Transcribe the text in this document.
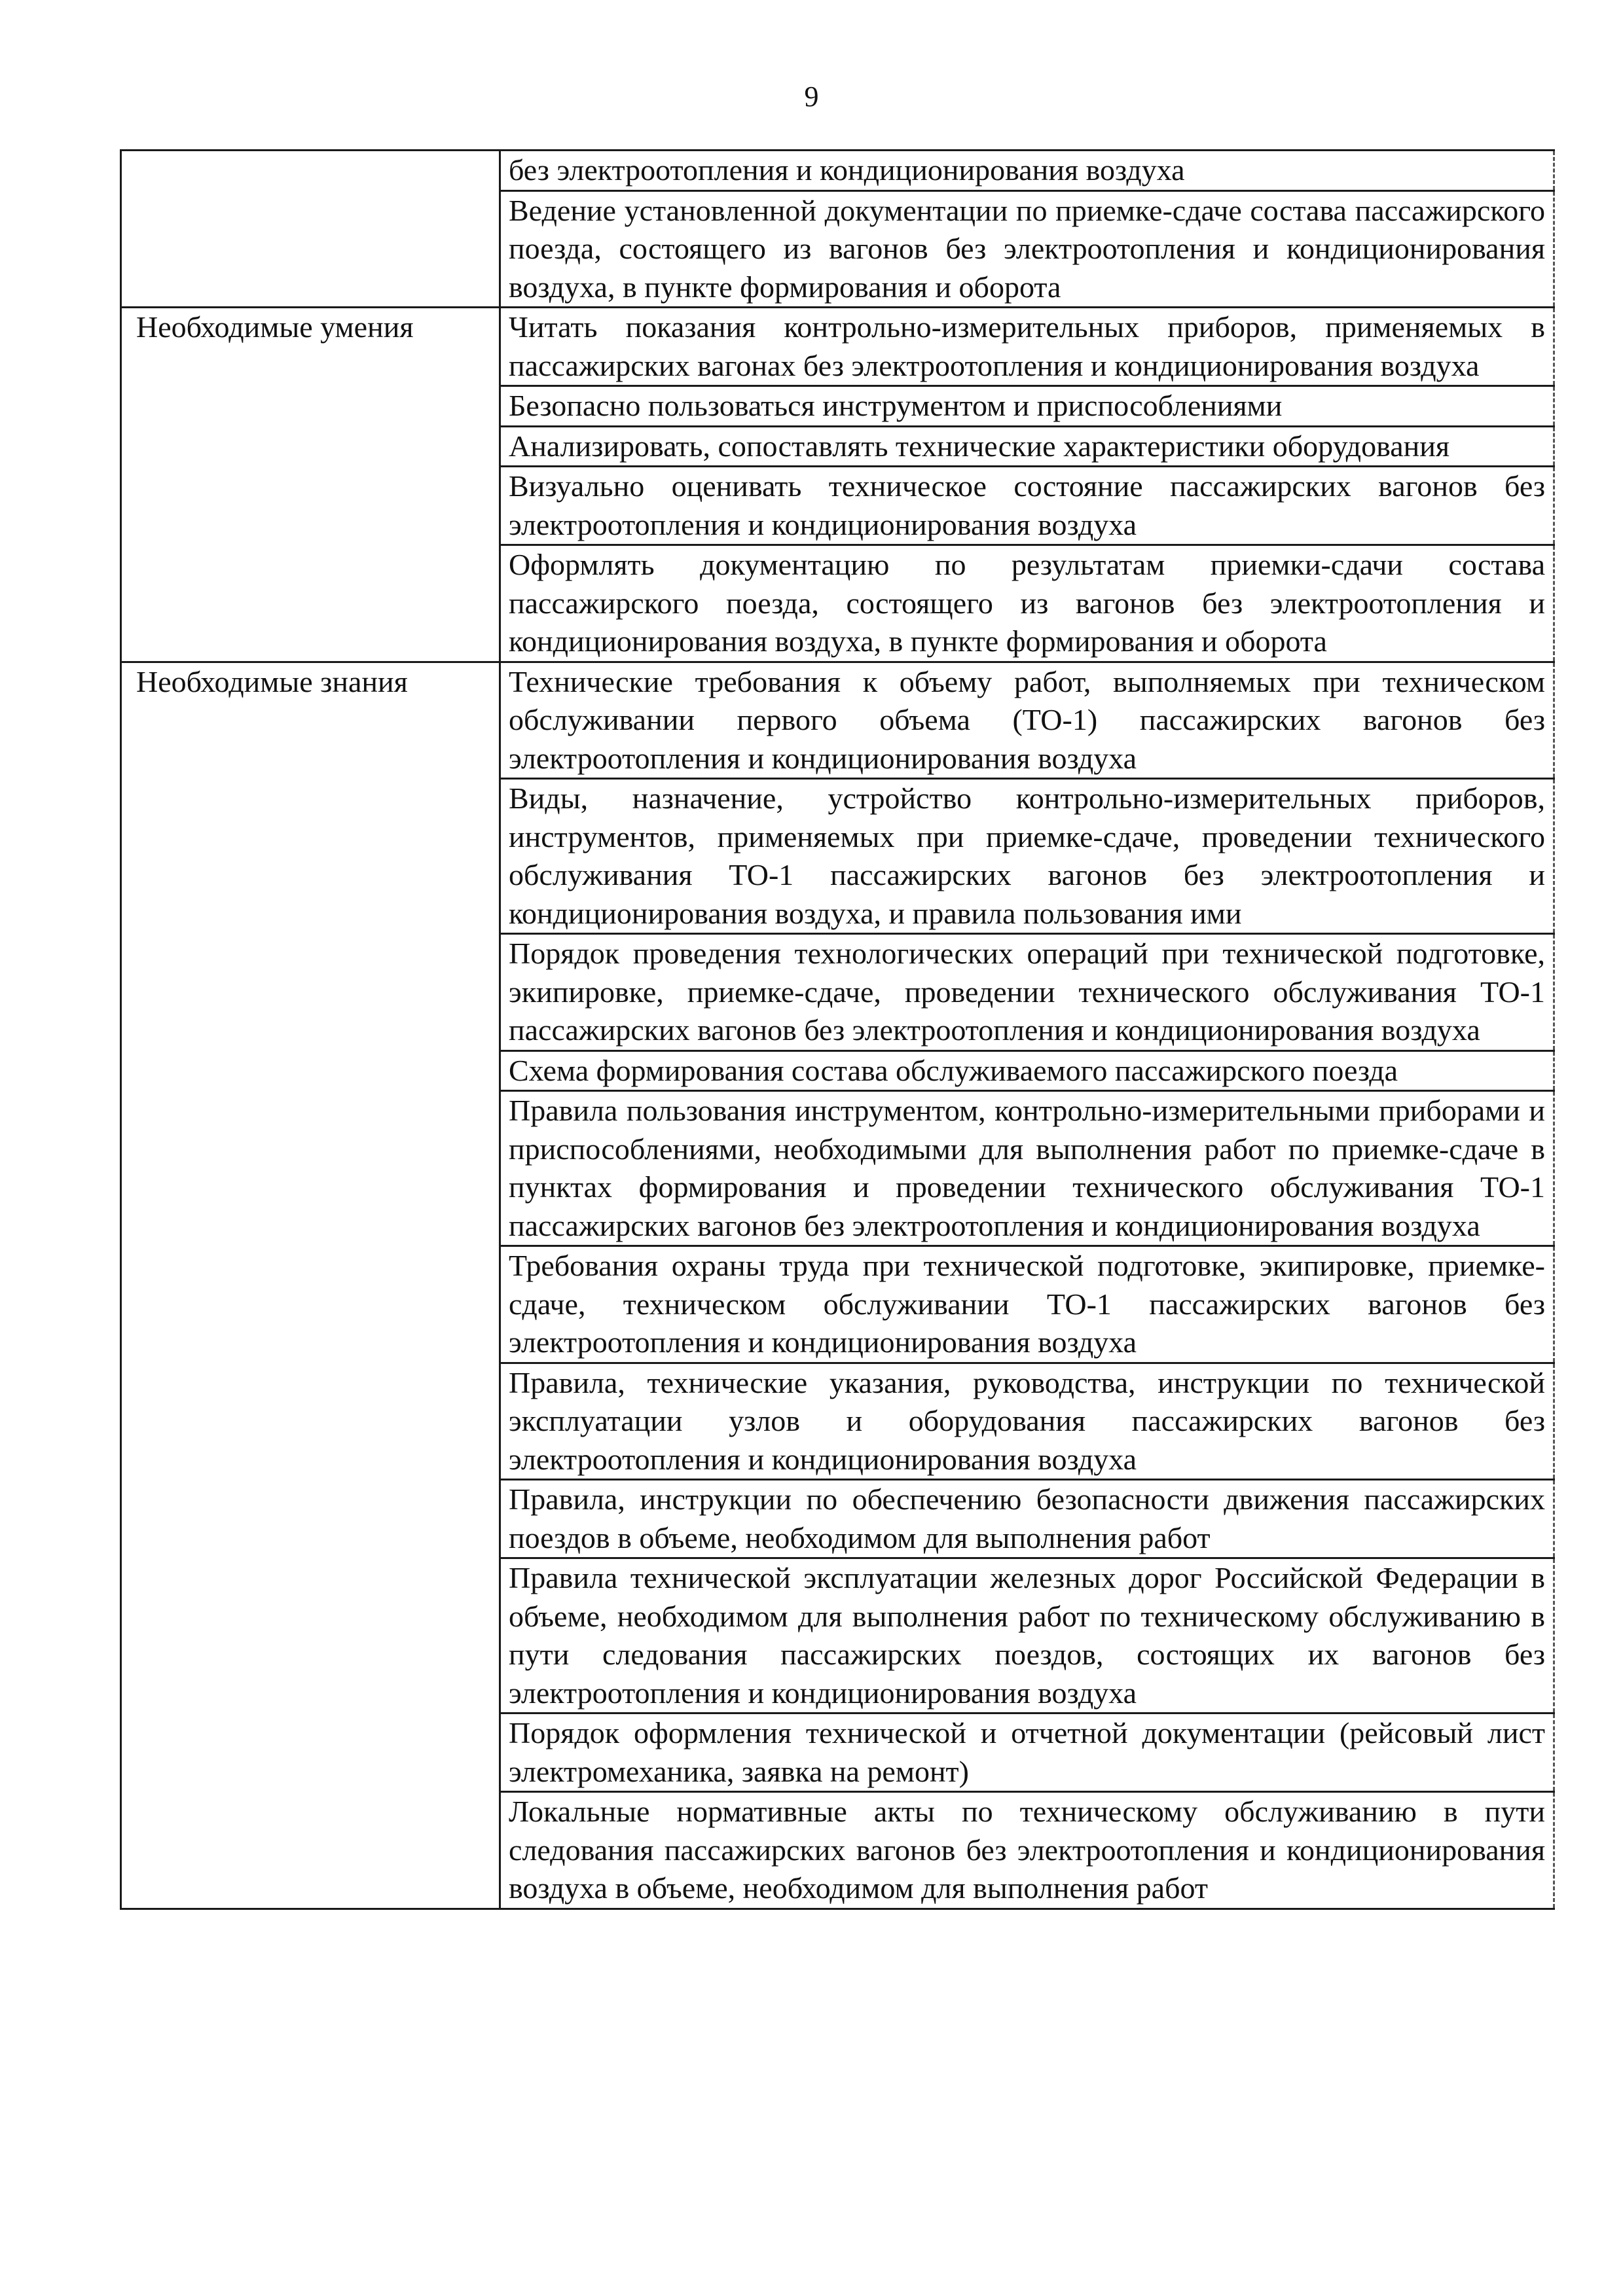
9
	без электроотопления и кондиционирования воздуха
	Ведение установленной документации по приемке-сдаче состава пассажирского поезда, состоящего из вагонов без электроотопления и кондиционирования воздуха, в пункте формирования и оборота
Необходимые умения	Читать показания контрольно-измерительных приборов, применяемых в пассажирских вагонах без электроотопления и кондиционирования воздуха
	Безопасно пользоваться инструментом и приспособлениями
	Анализировать, сопоставлять технические характеристики оборудования
	Визуально оценивать техническое состояние пассажирских вагонов без электроотопления и кондиционирования воздуха
	Оформлять документацию по результатам приемки-сдачи состава пассажирского поезда, состоящего из вагонов без электроотопления и кондиционирования воздуха, в пункте формирования и оборота
Необходимые знания	Технические требования к объему работ, выполняемых при техническом обслуживании первого объема (ТО-1) пассажирских вагонов без электроотопления и кондиционирования воздуха
	Виды, назначение, устройство контрольно-измерительных приборов, инструментов, применяемых при приемке-сдаче, проведении технического обслуживания ТО-1 пассажирских вагонов без электроотопления и кондиционирования воздуха, и правила пользования ими
	Порядок проведения технологических операций при технической подготовке, экипировке, приемке-сдаче, проведении технического обслуживания ТО-1 пассажирских вагонов без электроотопления и кондиционирования воздуха
	Схема формирования состава обслуживаемого пассажирского поезда
	Правила пользования инструментом, контрольно-измерительными приборами и приспособлениями, необходимыми для выполнения работ по приемке-сдаче в пунктах формирования и проведении технического обслуживания ТО-1 пассажирских вагонов без электроотопления и кондиционирования воздуха
	Требования охраны труда при технической подготовке, экипировке, приемке-сдаче, техническом обслуживании ТО-1 пассажирских вагонов без электроотопления и кондиционирования воздуха
	Правила, технические указания, руководства, инструкции по технической эксплуатации узлов и оборудования пассажирских вагонов без электроотопления и кондиционирования воздуха
	Правила, инструкции по обеспечению безопасности движения пассажирских поездов в объеме, необходимом для выполнения работ
	Правила технической эксплуатации железных дорог Российской Федерации в объеме, необходимом для выполнения работ по техническому обслуживанию в пути следования пассажирских поездов, состоящих их вагонов без электроотопления и кондиционирования воздуха
	Порядок оформления технической и отчетной документации (рейсовый лист электромеханика, заявка на ремонт)
	Локальные нормативные акты по техническому обслуживанию в пути следования пассажирских вагонов без электроотопления и кондиционирования воздуха в объеме, необходимом для выполнения работ
